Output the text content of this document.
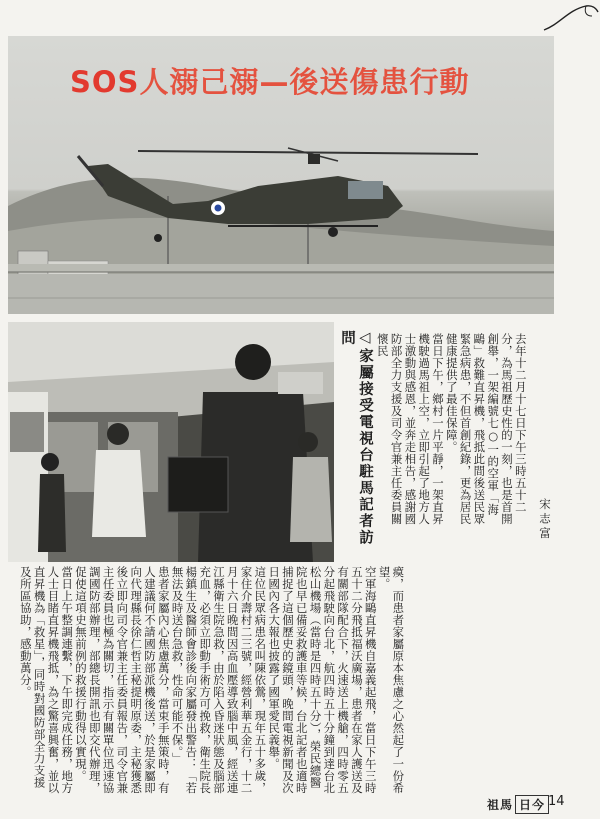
SOS人溺己溺—後送傷患行動
◁家屬接受電視台駐馬記者訪問	去年十二月十七日下午三時五十二分，為馬祖歷史性的一刻，也是首開創舉，一架編號七○一的空軍「海鷗」救難直昇機，飛抵此間後送民眾緊急病患，不但首創紀錄，更為居民健康提供了最佳保障。
當日下午，鄉村一片平靜，一架直昇機駛過馬祖上空，立即引起了地方人士激動與感恩，並奔走相告，感謝國防部全力支援及司令官兼主任委員關懷民
宋志富
瘼，而患者家屬原本焦慮之心然起了一份希望。
空軍海鷗直昇機自嘉義起飛，當日下午三時五十二分飛抵福沃廣場，患者在家人護送及有關部隊配合下，火速送上機艙，四時零五分起飛駛向台北，航四時五十分鐘到達台北松山機場（當時是四時五十分），榮民總醫院也早已備妥救護車等候，台北記者也適時捕捉了這個歷史的鏡頭，晚間電視新聞及次日國內各大報也披露了國軍愛民義舉。
這位民眾病患名叫陳依鶯，現年五十多歲，家住介壽村二三號，經營利華五金行，十二月十六日晚間因高血壓導致腦中風，經送連江縣衛生院急救，由於陷入昏迷狀態及腦部充血，必須立即動手術方可挽救，衛生院長楊鎮生及醫師會診後向家屬發出警告：「若無法及時送台急救，性命可能不保。」
患者家屬內心焦慮萬分，當束手無策時，有人建議何不請國防部派機後送，於是家屬即向代理縣長徐仁哲主秘提明原委，主秘獲悉後立即向司令官兼主任委員報告，司令官兼主任委員也極為關切，指示有關單位迅速協調國防部辦理，部總長開訊也即交代辦理，促使這項史無前例的救援行動得以實現。
當日上午整調連繫，下午即完成任務，地方人士目睹直昇機飛抵，為之驚喜興奮，並以直昇機為「救星」，同時對國防部全力支援及所區協助，感動萬分。
祖馬 日今 14
